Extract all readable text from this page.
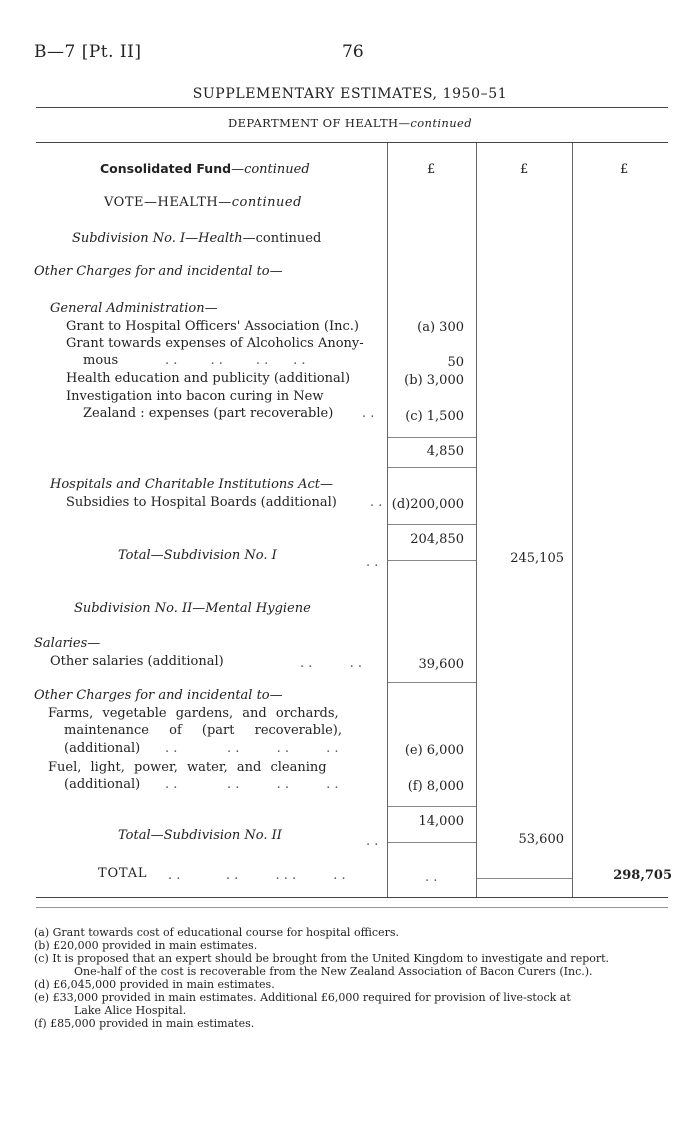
B—7 [Pt. II]	76
SUPPLEMENTARY ESTIMATES, 1950–51
DEPARTMENT OF HEALTH—continued
£	£	£
Consolidated Fund—continued
VOTE—HEALTH—continued
Subdivision No. I—Health—continued
Other Charges for and incidental to—
General Administration—
Grant to Hospital Officers' Association (Inc.)	(a) 300
Grant towards expenses of Alcoholics Anony-
mous	. .        . .        . .      . .	50
Health education and publicity (additional)	(b) 3,000
Investigation into bacon curing in New
Zealand : expenses (part recoverable) . . (c) 1,500
4,850
Hospitals and Charitable Institutions Act—
Subsidies to Hospital Boards (additional)	. . (d)200,000
204,850
Total—Subdivision No. I	. .	245,105
Subdivision No. II—Mental Hygiene
Salaries—
Other salaries (additional)	. .         . .	39,600
Other Charges for and incidental to—
Farms, vegetable gardens, and orchards,
maintenance of (part recoverable),
(additional) . .            . .         . .         . .	(e) 6,000
Fuel, light, power, water, and cleaning
(additional) . .            . .         . .         . .	(f) 8,000
14,000
Total—Subdivision No. II	. .	53,600
TOTAL . .           . .         . . .         . .	. .	298,705
(a) Grant towards cost of educational course for hospital officers.
(b) £20,000 provided in main estimates.
(c) It is proposed that an expert should be brought from the United Kingdom to investigate and report.
One-half of the cost is recoverable from the New Zealand Association of Bacon Curers (Inc.).
(d) £6,045,000 provided in main estimates.
(e) £33,000 provided in main estimates. Additional £6,000 required for provision of live-stock at
Lake Alice Hospital.
(f) £85,000 provided in main estimates.
